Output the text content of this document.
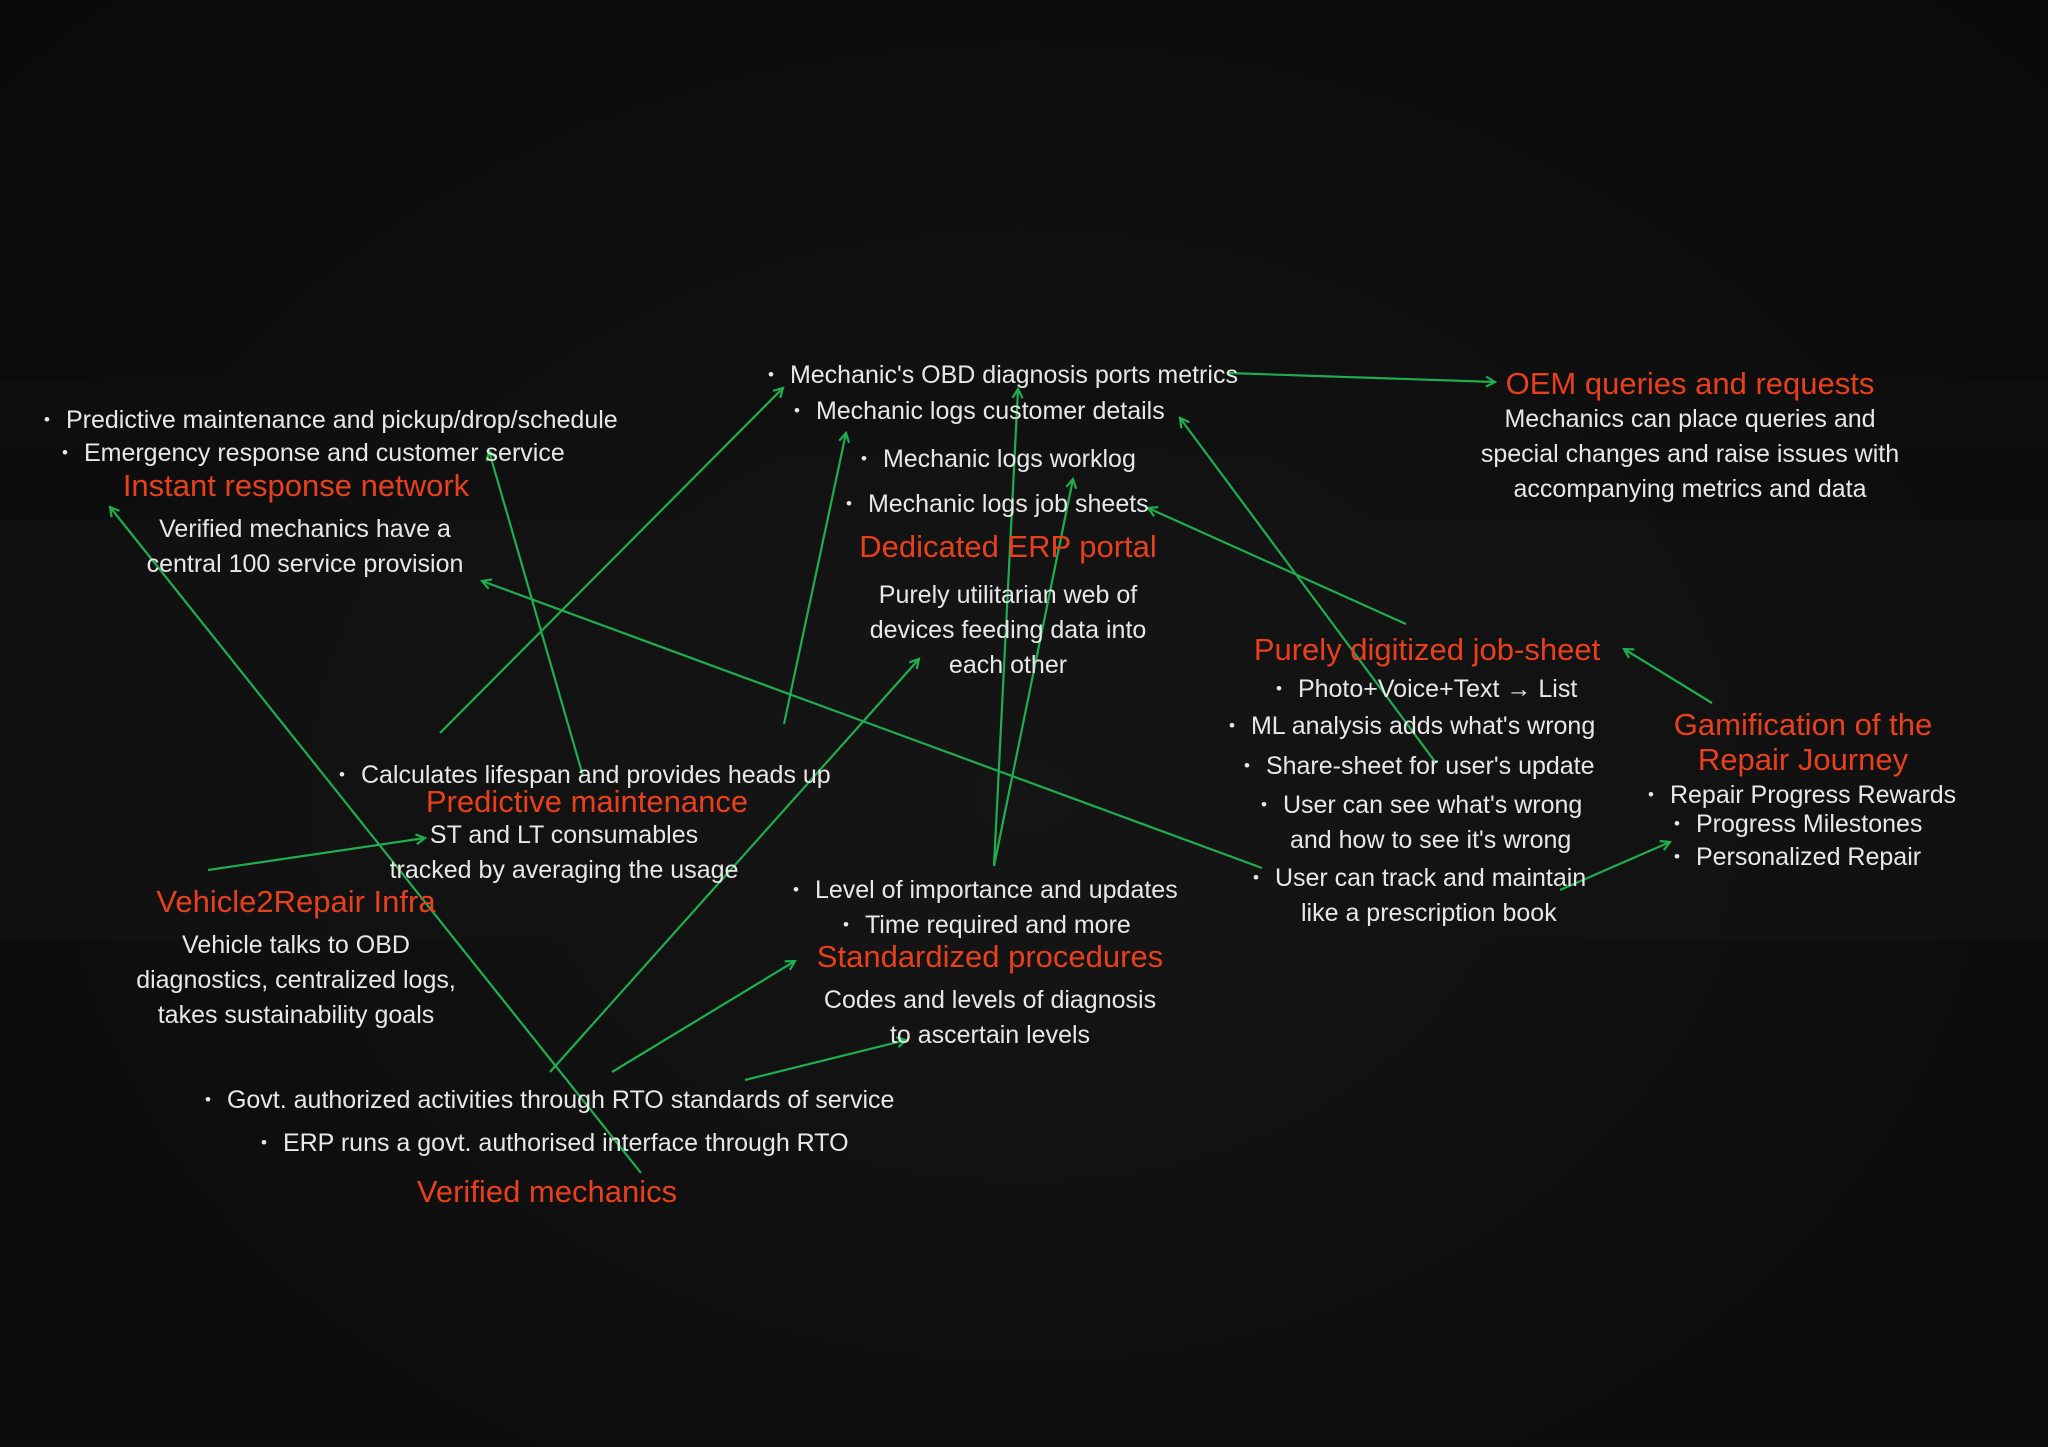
• Predictive maintenance and pickup/drop/schedule
• Emergency response and customer service
Instant response network
Verified mechanics have a
central 100 service provision
• Mechanic's OBD diagnosis ports metrics
• Mechanic logs customer details
• Mechanic logs worklog
• Mechanic logs job sheets
Dedicated ERP portal
Purely utilitarian web of
devices feeding data into
each other
OEM queries and requests
Mechanics can place queries and
special changes and raise issues with
accompanying metrics and data
Purely digitized job-sheet
• Photo+Voice+Text → List
• ML analysis adds what's wrong
• Share-sheet for user's update
• User can see what's wrong
and how to see it's wrong
• User can track and maintain
like a prescription book
Gamification of the
Repair Journey
• Repair Progress Rewards
• Progress Milestones
• Personalized Repair
• Calculates lifespan and provides heads up
Predictive maintenance
ST and LT consumables
tracked by averaging the usage
Vehicle2Repair Infra
Vehicle talks to OBD
diagnostics, centralized logs,
takes sustainability goals
• Level of importance and updates
• Time required and more
Standardized procedures
Codes and levels of diagnosis
to ascertain levels
• Govt. authorized activities through RTO standards of service
• ERP runs a govt. authorised interface through RTO
Verified mechanics
